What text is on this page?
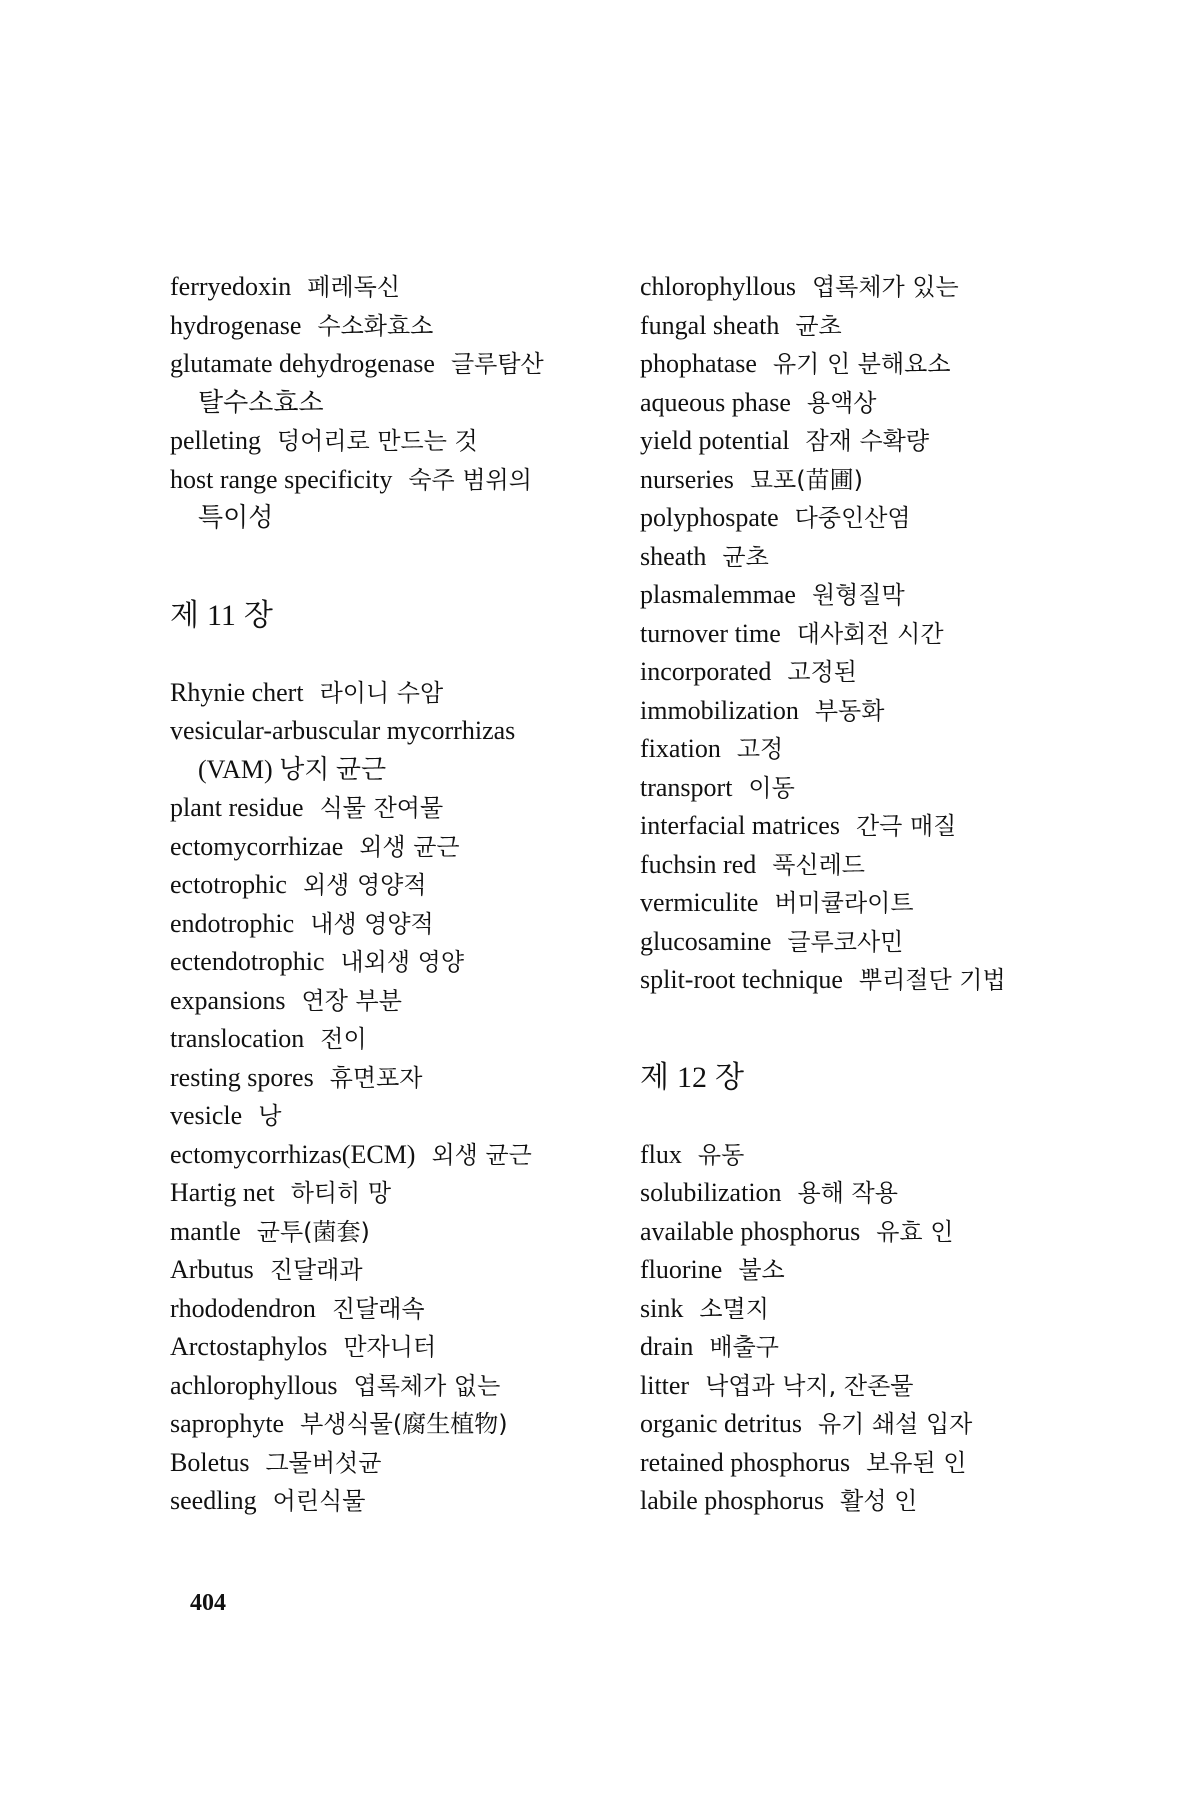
ferryedoxin 페레독신
hydrogenase 수소화효소
glutamate dehydrogenase 글루탐산
탈수소효소
pelleting 덩어리로 만드는 것
host range specificity 숙주 범위의
특이성
제 11 장
Rhynie chert 라이니 수암
vesicular-arbuscular mycorrhizas
(VAM) 낭지 균근
plant residue 식물 잔여물
ectomycorrhizae 외생 균근
ectotrophic 외생 영양적
endotrophic 내생 영양적
ectendotrophic 내외생 영양
expansions 연장 부분
translocation 전이
resting spores 휴면포자
vesicle 낭
ectomycorrhizas(ECM) 외생 균근
Hartig net 하티히 망
mantle 균투(菌套)
Arbutus 진달래과
rhododendron 진달래속
Arctostaphylos 만자니터
achlorophyllous 엽록체가 없는
saprophyte 부생식물(腐生植物)
Boletus 그물버섯균
seedling 어린식물
chlorophyllous 엽록체가 있는
fungal sheath 균초
phophatase 유기 인 분해요소
aqueous phase 용액상
yield potential 잠재 수확량
nurseries 묘포(苗圃)
polyphospate 다중인산염
sheath 균초
plasmalemmae 원형질막
turnover time 대사회전 시간
incorporated 고정된
immobilization 부동화
fixation 고정
transport 이동
interfacial matrices 간극 매질
fuchsin red 푹신레드
vermiculite 버미큘라이트
glucosamine 글루코사민
split-root technique 뿌리절단 기법
제 12 장
flux 유동
solubilization 용해 작용
available phosphorus 유효 인
fluorine 불소
sink 소멸지
drain 배출구
litter 낙엽과 낙지, 잔존물
organic detritus 유기 쇄설 입자
retained phosphorus 보유된 인
labile phosphorus 활성 인
404
